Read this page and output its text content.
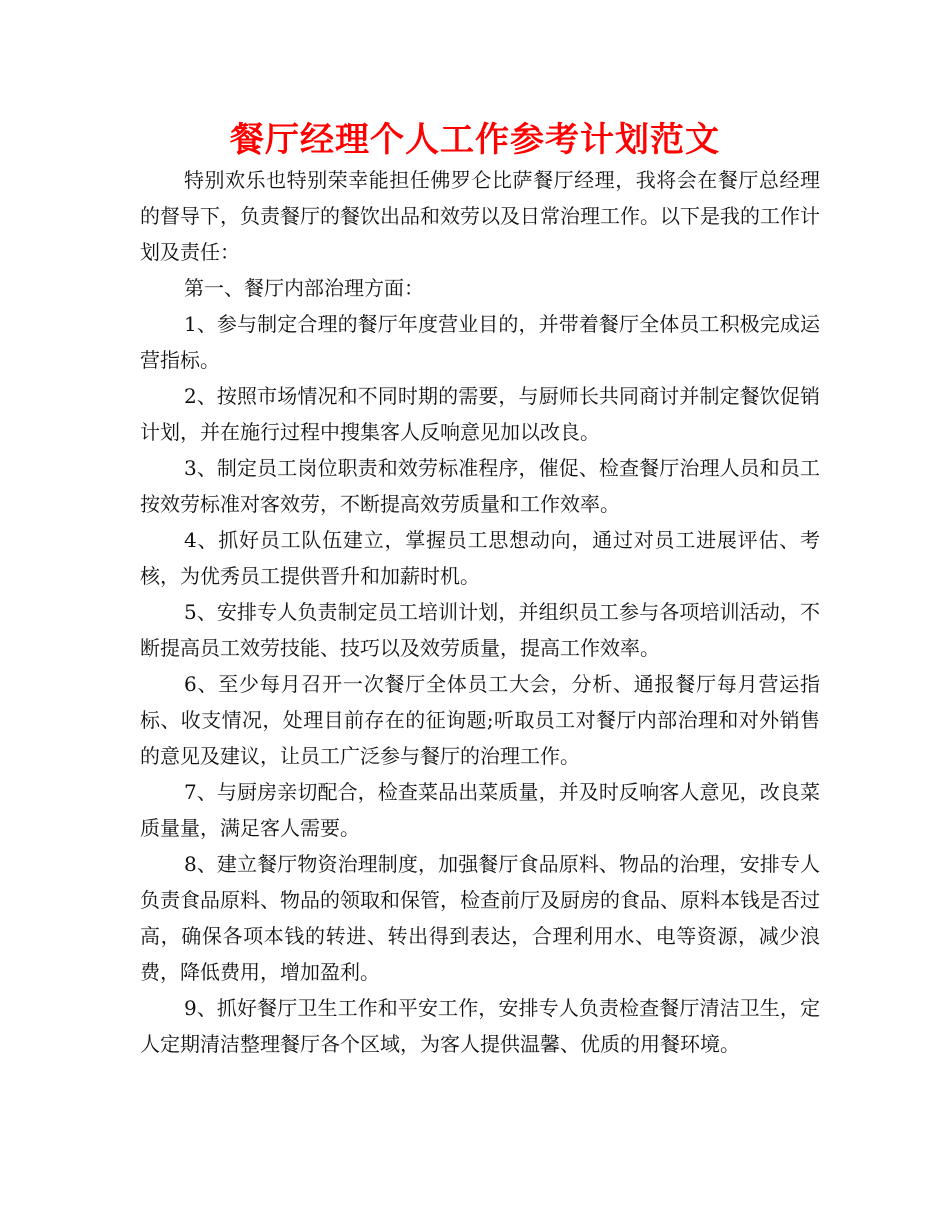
餐厅经理个人工作参考计划范文

特别欢乐也特别荣幸能担任佛罗仑比萨餐厅经理，我将会在餐厅总经理的督导下，负责餐厅的餐饮出品和效劳以及日常治理工作。以下是我的工作计划及责任：

第一、餐厅内部治理方面：

1、参与制定合理的餐厅年度营业目的，并带着餐厅全体员工积极完成运营指标。

2、按照市场情况和不同时期的需要，与厨师长共同商讨并制定餐饮促销计划，并在施行过程中搜集客人反响意见加以改良。

3、制定员工岗位职责和效劳标准程序，催促、检查餐厅治理人员和员工按效劳标准对客效劳，不断提高效劳质量和工作效率。

4、抓好员工队伍建立，掌握员工思想动向，通过对员工进展评估、考核，为优秀员工提供晋升和加薪时机。

5、安排专人负责制定员工培训计划，并组织员工参与各项培训活动，不断提高员工效劳技能、技巧以及效劳质量，提高工作效率。

6、至少每月召开一次餐厅全体员工大会，分析、通报餐厅每月营运指标、收支情况，处理目前存在的征询题;听取员工对餐厅内部治理和对外销售的意见及建议，让员工广泛参与餐厅的治理工作。

7、与厨房亲切配合，检查菜品出菜质量，并及时反响客人意见，改良菜质量量，满足客人需要。

8、建立餐厅物资治理制度，加强餐厅食品原料、物品的治理，安排专人负责食品原料、物品的领取和保管，检查前厅及厨房的食品、原料本钱是否过高，确保各项本钱的转进、转出得到表达，合理利用水、电等资源，减少浪费，降低费用，增加盈利。

9、抓好餐厅卫生工作和平安工作，安排专人负责检查餐厅清洁卫生，定人定期清洁整理餐厅各个区域，为客人提供温馨、优质的用餐环境。
